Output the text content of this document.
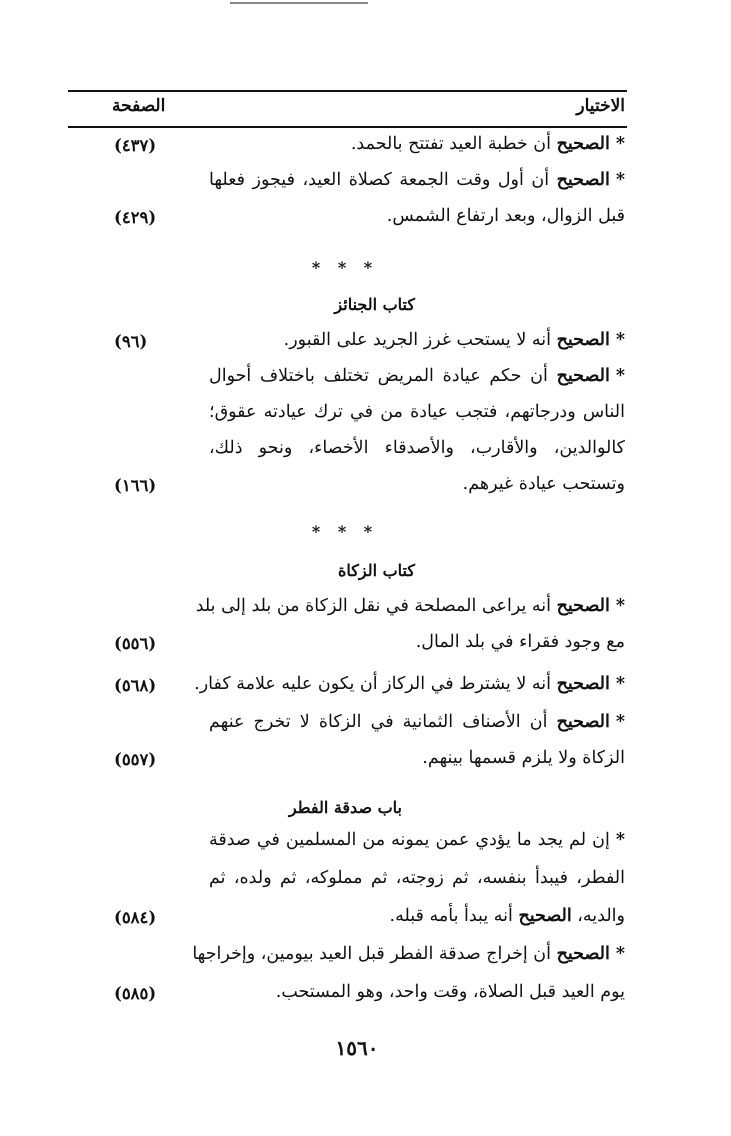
الاختيار
الصفحة
*الصحيح أن خطبة العيد تفتتح بالحمد.
(٤٣٧)
*الصحيح أن أول وقت الجمعة كصلاة العيد، فيجوز فعلها
قبل الزوال، وبعد ارتفاع الشمس.
(٤٢٩)
* * *
كتاب الجنائز
*الصحيح أنه لا يستحب غرز الجريد على القبور.
(٩٦)
*الصحيح أن حكم عيادة المريض تختلف باختلاف أحوال
الناس ودرجاتهم، فتجب عيادة من في ترك عيادته عقوق؛
كالوالدين، والأقارب، والأصدقاء الأخصاء، ونحو ذلك،
وتستحب عيادة غيرهم.
(١٦٦)
* * *
كتاب الزكاة
*الصحيح أنه يراعى المصلحة في نقل الزكاة من بلد إلى بلد
مع وجود فقراء في بلد المال.
(٥٥٦)
*الصحيح أنه لا يشترط في الركاز أن يكون عليه علامة كفار.
(٥٦٨)
*الصحيح أن الأصناف الثمانية في الزكاة لا تخرج عنهم
الزكاة ولا يلزم قسمها بينهم.
(٥٥٧)
باب صدقة الفطر
*إن لم يجد ما يؤدي عمن يمونه من المسلمين في صدقة
الفطر، فيبدأ بنفسه، ثم زوجته، ثم مملوكه، ثم ولده، ثم
والديه، الصحيح أنه يبدأ بأمه قبله.
(٥٨٤)
*الصحيح أن إخراج صدقة الفطر قبل العيد بيومين، وإخراجها
يوم العيد قبل الصلاة، وقت واحد، وهو المستحب.
(٥٨٥)
١٥٦٠
